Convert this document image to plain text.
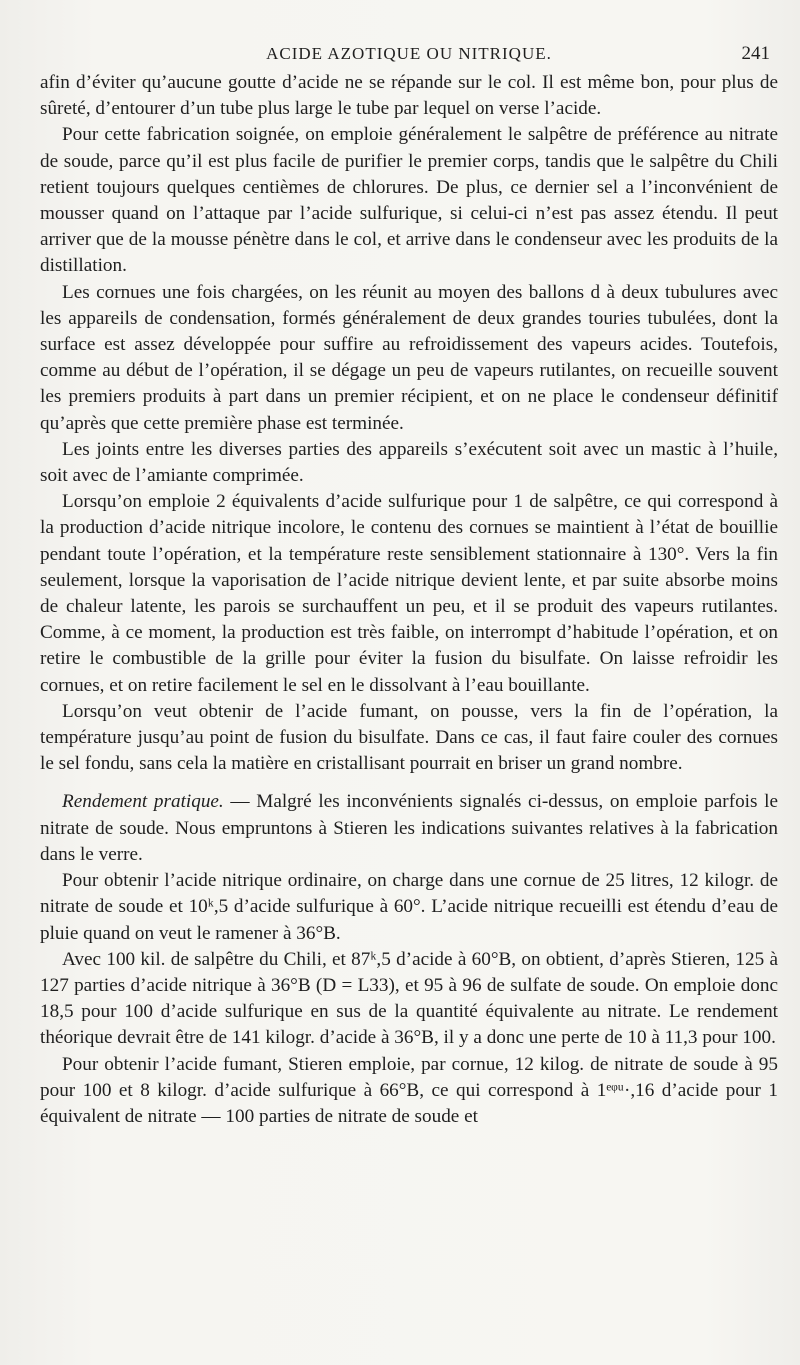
ACIDE AZOTIQUE OU NITRIQUE.	241

afin d’éviter qu’aucune goutte d’acide ne se répande sur le col. Il est même bon, pour plus de sûreté, d’entourer d’un tube plus large le tube par lequel on verse l’acide.

Pour cette fabrication soignée, on emploie généralement le salpêtre de préférence au nitrate de soude, parce qu’il est plus facile de purifier le premier corps, tandis que le salpêtre du Chili retient toujours quelques centièmes de chlorures. De plus, ce dernier sel a l’inconvénient de mousser quand on l’attaque par l’acide sulfurique, si celui-ci n’est pas assez étendu. Il peut arriver que de la mousse pénètre dans le col, et arrive dans le condenseur avec les produits de la distillation.

Les cornues une fois chargées, on les réunit au moyen des ballons d à deux tubulures avec les appareils de condensation, formés généralement de deux grandes touries tubulées, dont la surface est assez développée pour suffire au refroidissement des vapeurs acides. Toutefois, comme au début de l’opération, il se dégage un peu de vapeurs rutilantes, on recueille souvent les premiers produits à part dans un premier récipient, et on ne place le condenseur définitif qu’après que cette première phase est terminée.

Les joints entre les diverses parties des appareils s’exécutent soit avec un mastic à l’huile, soit avec de l’amiante comprimée.

Lorsqu’on emploie 2 équivalents d’acide sulfurique pour 1 de salpêtre, ce qui correspond à la production d’acide nitrique incolore, le contenu des cornues se maintient à l’état de bouillie pendant toute l’opération, et la température reste sensiblement stationnaire à 130°. Vers la fin seulement, lorsque la vaporisation de l’acide nitrique devient lente, et par suite absorbe moins de chaleur latente, les parois se surchauffent un peu, et il se produit des vapeurs rutilantes. Comme, à ce moment, la production est très faible, on interrompt d’habitude l’opération, et on retire le combustible de la grille pour éviter la fusion du bisulfate. On laisse refroidir les cornues, et on retire facilement le sel en le dissolvant à l’eau bouillante.

Lorsqu’on veut obtenir de l’acide fumant, on pousse, vers la fin de l’opération, la température jusqu’au point de fusion du bisulfate. Dans ce cas, il faut faire couler des cornues le sel fondu, sans cela la matière en cristallisant pourrait en briser un grand nombre.

Rendement pratique. — Malgré les inconvénients signalés ci-dessus, on emploie parfois le nitrate de soude. Nous empruntons à Stieren les indications suivantes relatives à la fabrication dans le verre.

Pour obtenir l’acide nitrique ordinaire, on charge dans une cornue de 25 litres, 12 kilogr. de nitrate de soude et 10ᵏ,5 d’acide sulfurique à 60°. L’acide nitrique recueilli est étendu d’eau de pluie quand on veut le ramener à 36°B.

Avec 100 kil. de salpêtre du Chili, et 87ᵏ,5 d’acide à 60°B, on obtient, d’après Stieren, 125 à 127 parties d’acide nitrique à 36°B (D = L33), et 95 à 96 de sulfate de soude. On emploie donc 18,5 pour 100 d’acide sulfurique en sus de la quantité équivalente au nitrate. Le rendement théorique devrait être de 141 kilogr. d’acide à 36°B, il y a donc une perte de 10 à 11,3 pour 100.

Pour obtenir l’acide fumant, Stieren emploie, par cornue, 12 kilog. de nitrate de soude à 95 pour 100 et 8 kilogr. d’acide sulfurique à 66°B, ce qui correspond à 1ᵉᵠᵘ·,16 d’acide pour 1 équivalent de nitrate — 100 parties de nitrate de soude et
